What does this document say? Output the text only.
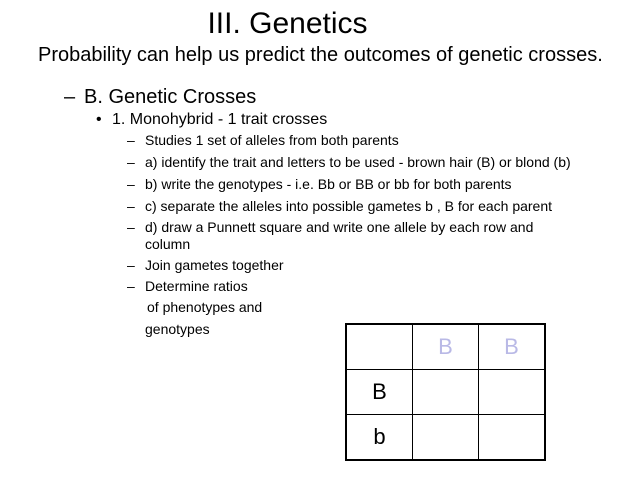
III. Genetics
Probability can help us predict the outcomes of genetic crosses.
– B. Genetic Crosses
• 1. Monohybrid - 1 trait crosses
– Studies 1 set of alleles from both parents
– a) identify the trait and letters to be used - brown hair (B) or blond (b)
– b) write the genotypes - i.e. Bb or BB or bb for both parents
– c) separate the alleles into possible gametes b , B for each parent
– d) draw a Punnett square and write one allele by each row and
column
– Join gametes together
– Determine ratios
of phenotypes and
genotypes
	B	B
B		
b		
